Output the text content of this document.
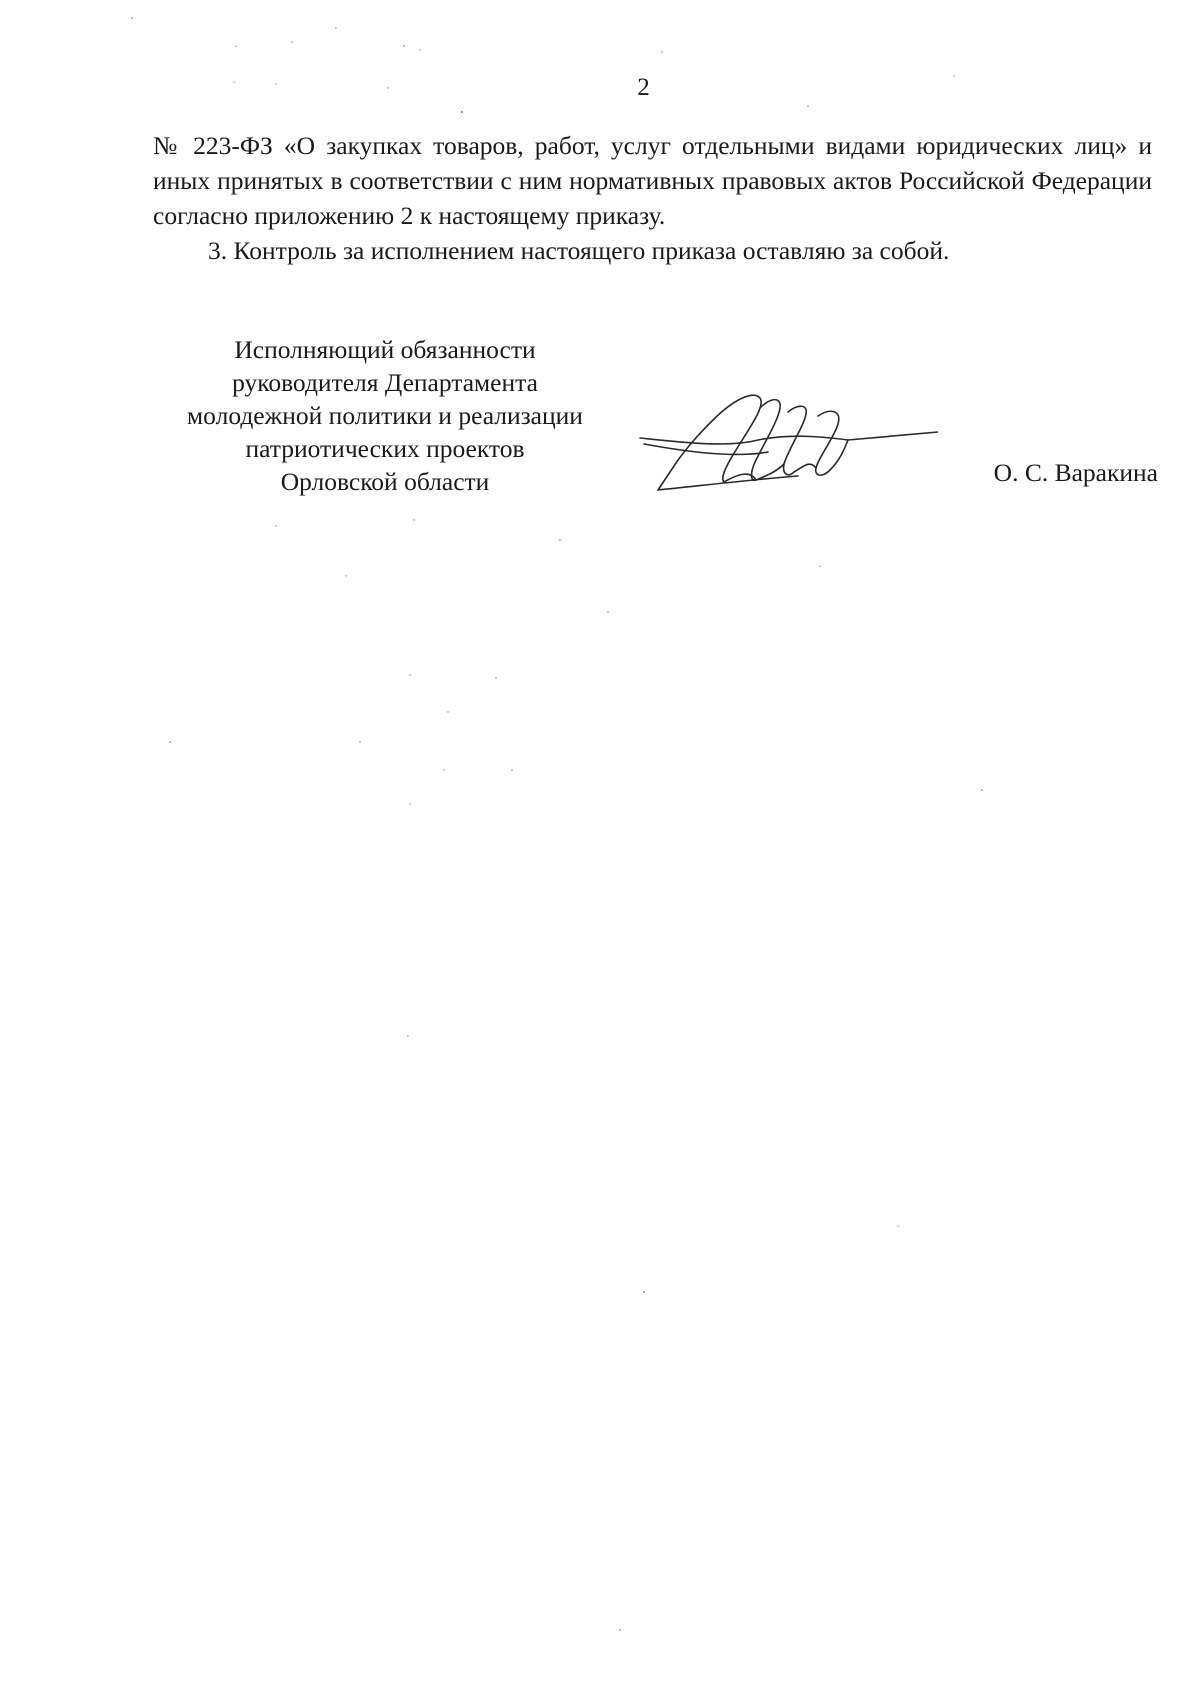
2

№ 223-ФЗ «О закупках товаров, работ, услуг отдельными видами юридических лиц» и иных принятых в соответствии с ним нормативных правовых актов Российской Федерации согласно приложению 2 к настоящему приказу.

3. Контроль за исполнением настоящего приказа оставляю за собой.

Исполняющий обязанности
руководителя Департамента
молодежной политики и реализации
патриотических проектов
Орловской области	О. С. Варакина
